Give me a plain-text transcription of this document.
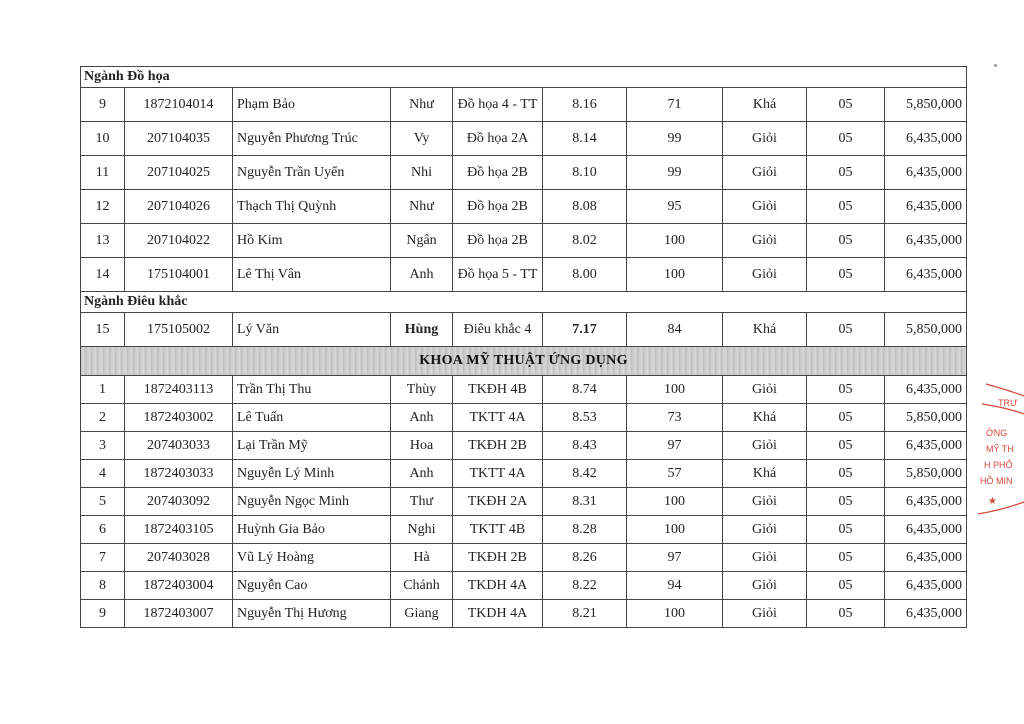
Ngành Đồ họa									
9	1872104014	Phạm Bảo	Như	Đồ họa 4 - TT	8.16	71	Khá	05	5,850,000
10	207104035	Nguyễn Phương Trúc	Vy	Đồ họa 2A	8.14	99	Giỏi	05	6,435,000
11	207104025	Nguyễn Trần Uyển	Nhi	Đồ họa 2B	8.10	99	Giỏi	05	6,435,000
12	207104026	Thạch Thị Quỳnh	Như	Đồ họa 2B	8.08	95	Giỏi	05	6,435,000
13	207104022	Hồ Kim	Ngân	Đồ họa 2B	8.02	100	Giỏi	05	6,435,000
14	175104001	Lê Thị Vân	Anh	Đồ họa 5 - TT	8.00	100	Giỏi	05	6,435,000
Ngành Điêu khắc									
15	175105002	Lý Văn	Hùng	Điêu khắc 4	7.17	84	Khá	05	5,850,000
KHOA MỸ THUẬT ỨNG DỤNG									
1	1872403113	Trần Thị Thu	Thùy	TKĐH 4B	8.74	100	Giỏi	05	6,435,000
2	1872403002	Lê Tuấn	Anh	TKTT 4A	8.53	73	Khá	05	5,850,000
3	207403033	Lại Trần Mỹ	Hoa	TKĐH 2B	8.43	97	Giỏi	05	6,435,000
4	1872403033	Nguyễn Lý Minh	Anh	TKTT 4A	8.42	57	Khá	05	5,850,000
5	207403092	Nguyễn Ngọc Minh	Thư	TKĐH 2A	8.31	100	Giỏi	05	6,435,000
6	1872403105	Huỳnh Gia Bảo	Nghi	TKTT 4B	8.28	100	Giỏi	05	6,435,000
7	207403028	Vũ Lý Hoàng	Hà	TKĐH 2B	8.26	97	Giỏi	05	6,435,000
8	1872403004	Nguyễn Cao	Chánh	TKDH 4A	8.22	94	Giỏi	05	6,435,000
9	1872403007	Nguyễn Thị Hương	Giang	TKDH 4A	8.21	100	Giỏi	05	6,435,000
TRƯ
ỜNG
MỸ TH
H PHỐ
HỒ MIN
★
